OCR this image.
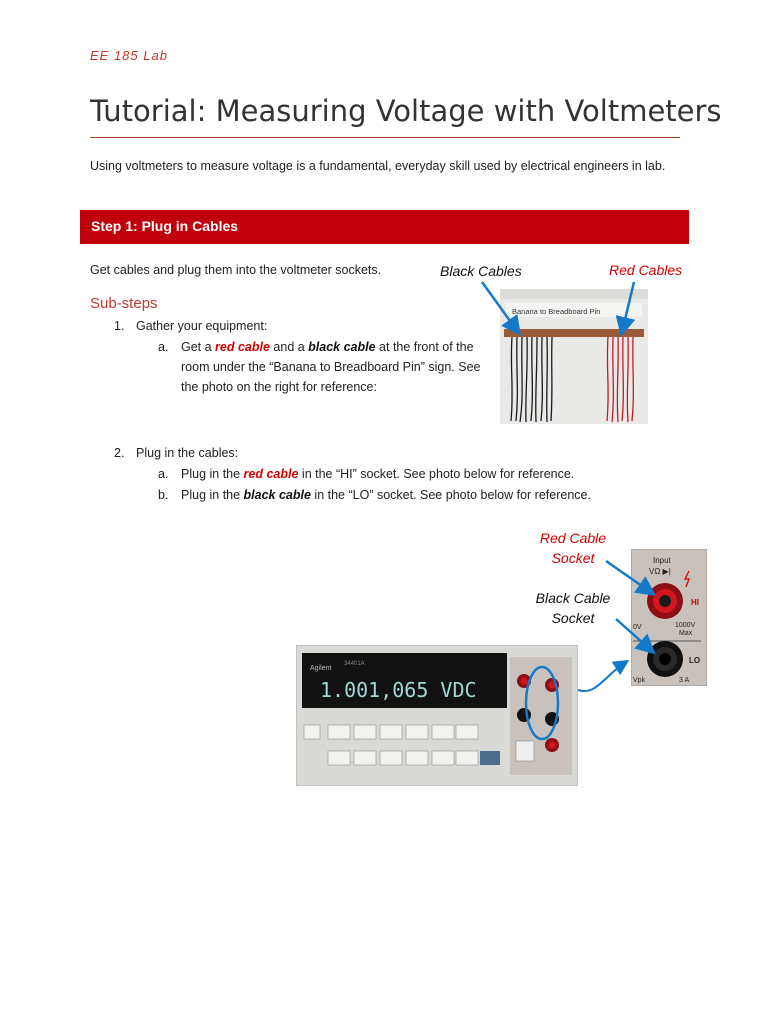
EE 185 Lab
Tutorial: Measuring Voltage with Voltmeters
Using voltmeters to measure voltage is a fundamental, everyday skill used by electrical engineers in lab.
Step 1: Plug in Cables
Get cables and plug them into the voltmeter sockets.
Sub-steps
1. Gather your equipment:
a. Get a red cable and a black cable at the front of the
room under the “Banana to Breadboard Pin” sign. See
the photo on the right for reference:
2. Plug in the cables:
a. Plug in the red cable in the “HI” socket. See photo below for reference.
b. Plug in the black cable in the “LO” socket. See photo below for reference.
Black Cables	Red Cables
Banana to Breadboard Pin
Red Cable
Socket
Black Cable
Socket
Input
VΩ ▶|
HI
1000V
Max
0V
LO
Vpk	3 A
Agilent
34401A
1.001,065 VDC
